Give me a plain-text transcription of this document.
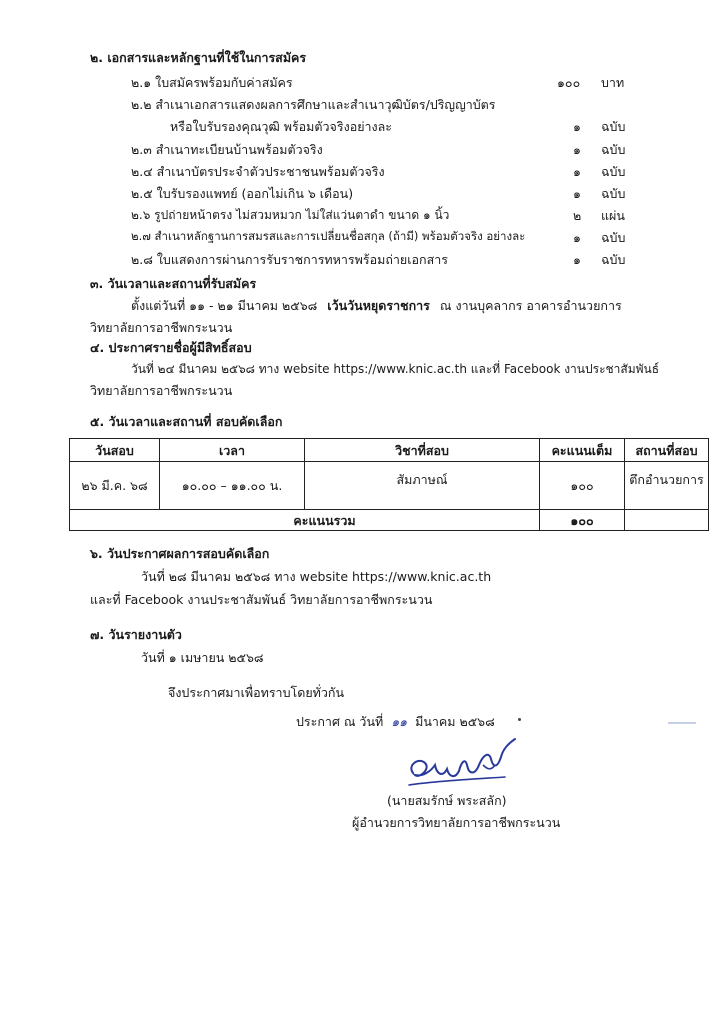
๒. เอกสารและหลักฐานที่ใช้ในการสมัคร
๒.๑ ใบสมัครพร้อมกับค่าสมัคร	๑๐๐ บาท
๒.๒ สำเนาเอกสารแสดงผลการศึกษาและสำเนาวุฒิบัตร/ปริญญาบัตร
หรือใบรับรองคุณวุฒิ พร้อมตัวจริงอย่างละ	๑ ฉบับ
๒.๓ สำเนาทะเบียนบ้านพร้อมตัวจริง	๑ ฉบับ
๒.๔ สำเนาบัตรประจำตัวประชาชนพร้อมตัวจริง	๑ ฉบับ
๒.๕ ใบรับรองแพทย์ (ออกไม่เกิน ๖ เดือน)	๑ ฉบับ
๒.๖ รูปถ่ายหน้าตรง ไม่สวมหมวก ไม่ใส่แว่นตาดำ ขนาด ๑ นิ้ว	๒ แผ่น
๒.๗ สำเนาหลักฐานการสมรสและการเปลี่ยนชื่อสกุล (ถ้ามี) พร้อมตัวจริง อย่างละ	๑ ฉบับ
๒.๘ ใบแสดงการผ่านการรับราชการทหารพร้อมถ่ายเอกสาร	๑ ฉบับ
๓. วันเวลาและสถานที่รับสมัคร
ตั้งแต่วันที่ ๑๑ - ๒๑ มีนาคม ๒๕๖๘ เว้นวันหยุดราชการ ณ งานบุคลากร อาคารอำนวยการ
วิทยาลัยการอาชีพกระนวน
๔. ประกาศรายชื่อผู้มีสิทธิ์สอบ
วันที่ ๒๔ มีนาคม ๒๕๖๘ ทาง website https://www.knic.ac.th และที่ Facebook งานประชาสัมพันธ์
วิทยาลัยการอาชีพกระนวน
๕. วันเวลาและสถานที่ สอบคัดเลือก
วันสอบ	เวลา	วิชาที่สอบ	คะแนนเต็ม	สถานที่สอบ
๒๖ มี.ค. ๖๘	๑๐.๐๐ – ๑๑.๐๐ น.	สัมภาษณ์	๑๐๐	ตึกอำนวยการ
คะแนนรวม			๑๐๐	
๖. วันประกาศผลการสอบคัดเลือก
วันที่ ๒๘ มีนาคม ๒๕๖๘ ทาง website https://www.knic.ac.th
และที่ Facebook งานประชาสัมพันธ์ วิทยาลัยการอาชีพกระนวน
๗. วันรายงานตัว
วันที่ ๑ เมษายน ๒๕๖๘
จึงประกาศมาเพื่อทราบโดยทั่วกัน
ประกาศ ณ วันที่ ๑๑ มีนาคม ๒๕๖๘
(นายสมรักษ์ พระสลัก)
ผู้อำนวยการวิทยาลัยการอาชีพกระนวน
